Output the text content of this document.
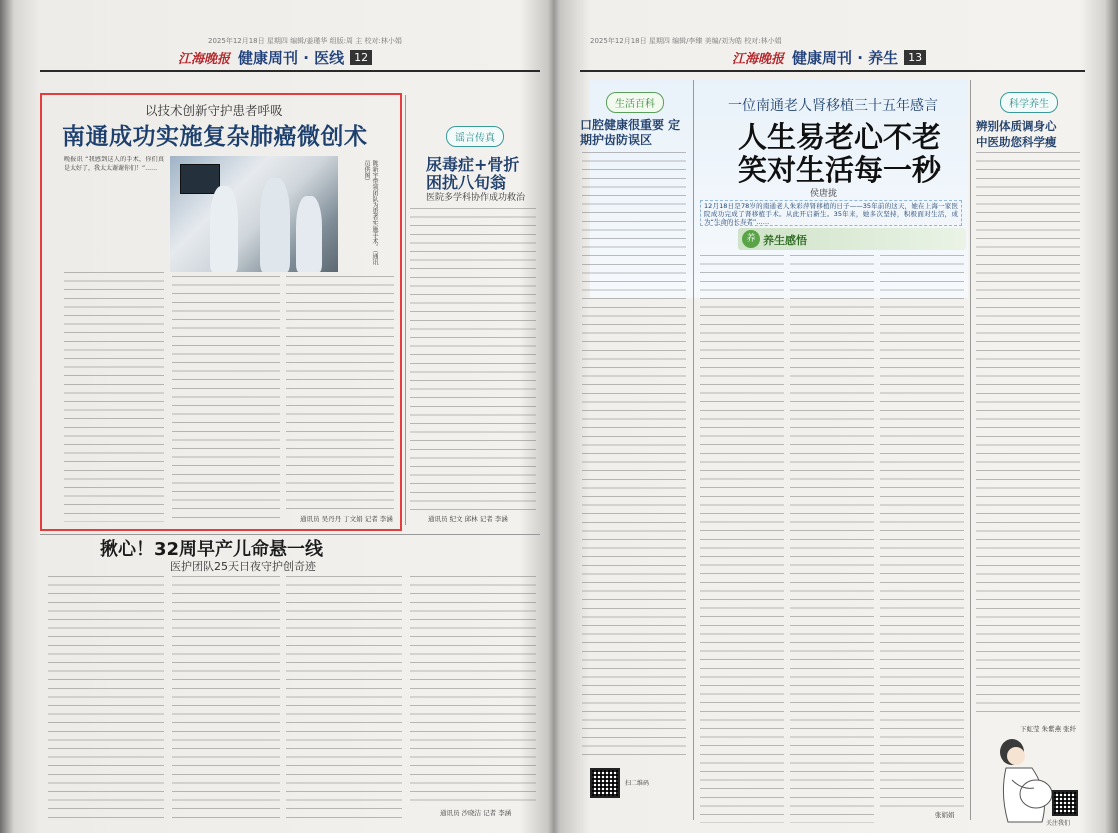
2025年12月18日 星期四 编辑/姜瑾华 组版:周 主 校对:林小娟
江海晚报 健康周刊 · 医线 12
以技术创新守护患者呼吸
南通成功实施复杂肺癌微创术
晚报讯 “我感到这人的手术，你们真是太好了，我太太谢谢你们！”……	陈新宇带领团队为患者实施手术。（通讯员供图）
通讯员 吴丹丹 丁文娟 记者 李涵
谣言传真
尿毒症+骨折
困扰八旬翁
医院多学科协作成功救治
通讯员 纪文 邱林 记者 李涵
揪心！32周早产儿命悬一线
医护团队25天日夜守护创奇迹
通讯员 沙晓洁 记者 李涵
2025年12月18日 星期四 编辑/李臻 美编/刘为皓 校对:林小娟
江海晚报 健康周刊 · 养生 13
生活百科
口腔健康很重要 定期护齿防误区
扫二维码
一位南通老人肾移植三十五年感言
人生易老心不老
笑对生活每一秒
侯唐拢
12月18日是78岁的南通老人朱彩萍肾移植的日子——35年前的这天，她在上海一家医院成功完成了肾移植手术。从此开启新生。35年来，她多次坚持，积极面对生活，成为“生命的长寿者”……
养 养生感悟
张娟娟
科学养生
辨别体质调身心
中医助您科学瘦
下虹莹 朱紫燕 张纤
关注我们
